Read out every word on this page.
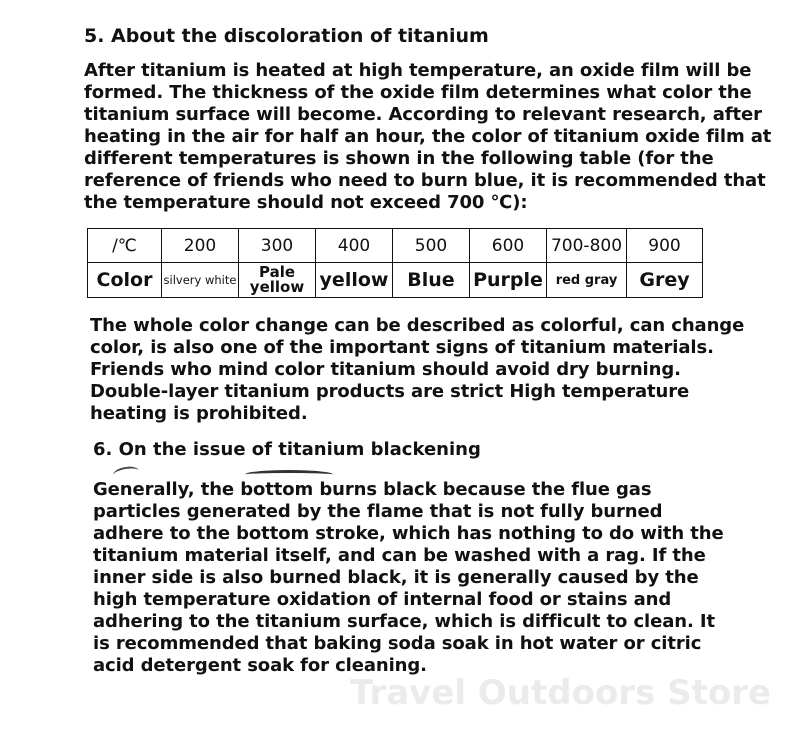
Travel Outdoors Store
5. About the discoloration of titanium

After titanium is heated at high temperature, an oxide film will be formed. The thickness of the oxide film determines what color the titanium surface will become. According to relevant research, after heating in the air for half an hour, the color of titanium oxide film at different temperatures is shown in the following table (for the reference of friends who need to burn blue, it is recommended that the temperature should not exceed 700 ℃):

/℃	200	300	400	500	600	700-800	900
Color	silvery white	Pale yellow	yellow	Blue	Purple	red gray	Grey

The whole color change can be described as colorful, can change color, is also one of the important signs of titanium materials. Friends who mind color titanium should avoid dry burning. Double-layer titanium products are strict High temperature heating is prohibited.

6. On the issue of titanium blackening

Generally, the bottom burns black because the flue gas particles generated by the flame that is not fully burned adhere to the bottom stroke, which has nothing to do with the titanium material itself, and can be washed with a rag. If the inner side is also burned black, it is generally caused by the high temperature oxidation of internal food or stains and adhering to the titanium surface, which is difficult to clean. It is recommended that baking soda soak in hot water or citric acid detergent soak for cleaning.
